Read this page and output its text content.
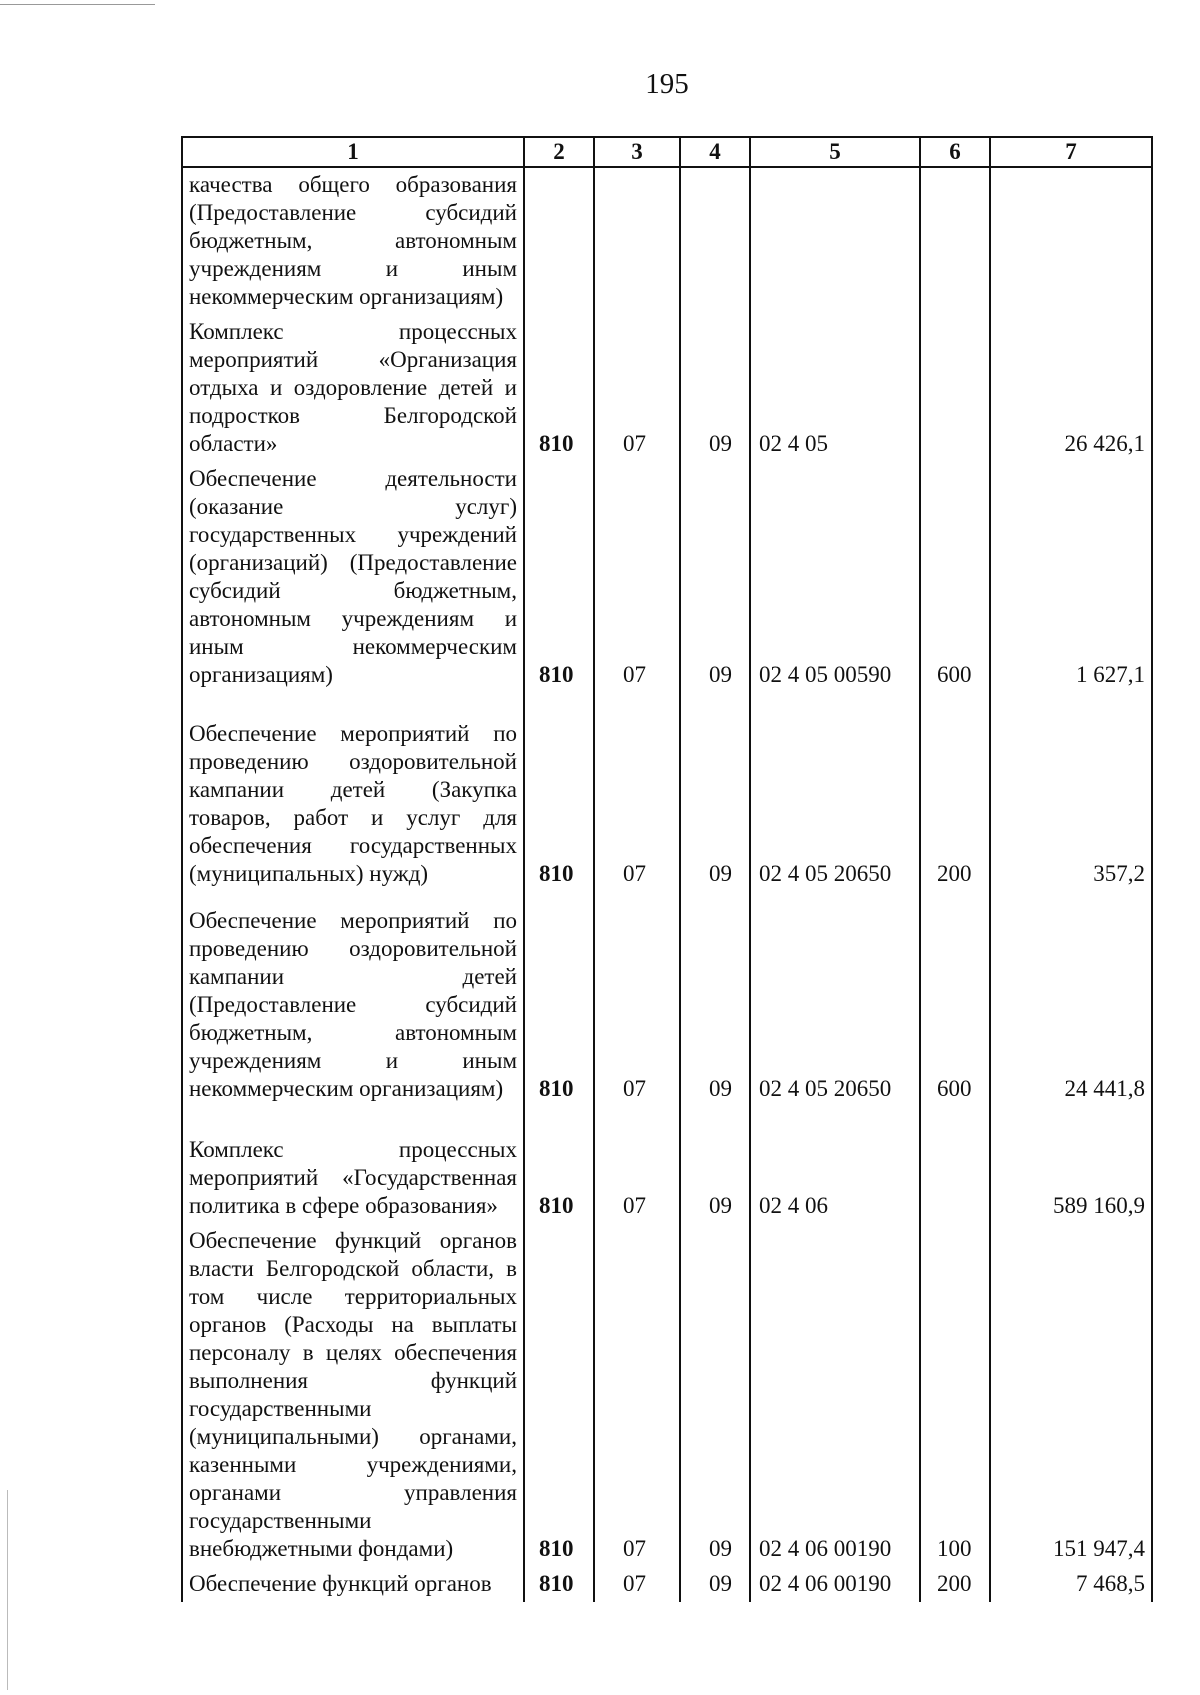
195
1	2	3	4	5	6	7
качества общего образования (Предоставление субсидий бюджетным, автономным учреждениям и иным некоммерческим организациям)						
Комплекс процессных мероприятий «Организация отдыха и оздоровление детей и подростков Белгородской области»	810	07	09	02 4 05		26 426,1
Обеспечение деятельности (оказание услуг) государственных учреждений (организаций) (Предоставление субсидий бюджетным, автономным учреждениям и иным некоммерческим организациям)	810	07	09	02 4 05 00590	600	1 627,1
Обеспечение мероприятий по проведению оздоровительной кампании детей (Закупка товаров, работ и услуг для обеспечения государственных (муниципальных) нужд)	810	07	09	02 4 05 20650	200	357,2
Обеспечение мероприятий по проведению оздоровительной кампании детей (Предоставление субсидий бюджетным, автономным учреждениям и иным некоммерческим организациям)	810	07	09	02 4 05 20650	600	24 441,8
Комплекс процессных мероприятий «Государственная политика в сфере образования»	810	07	09	02 4 06		589 160,9
Обеспечение функций органов власти Белгородской области, в том числе территориальных органов (Расходы на выплаты персоналу в целях обеспечения выполнения функций государственными (муниципальными) органами, казенными учреждениями, органами управления государственными внебюджетными фондами)	810	07	09	02 4 06 00190	100	151 947,4
Обеспечение функций органов	810	07	09	02 4 06 00190	200	7 468,5
